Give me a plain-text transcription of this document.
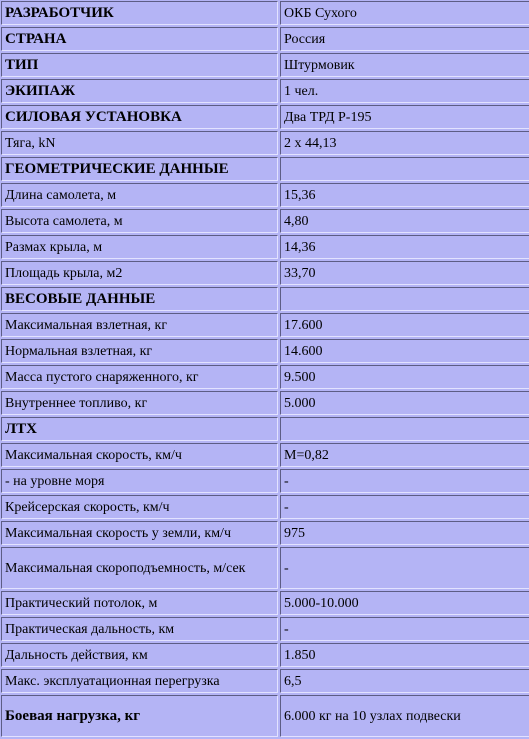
РАЗРАБОТЧИК	ОКБ Сухого
СТРАНА	Россия
ТИП	Штурмовик
ЭКИПАЖ	1 чел.
СИЛОВАЯ УСТАНОВКА	Два ТРД Р-195
Тяга, kN	2 х 44,13
ГЕОМЕТРИЧЕСКИЕ ДАННЫЕ	
Длина самолета, м	15,36
Высота самолета, м	4,80
Размах крыла, м	14,36
Площадь крыла, м2	33,70
ВЕСОВЫЕ ДАННЫЕ	
Максимальная взлетная, кг	17.600
Нормальная взлетная, кг	14.600
Масса пустого снаряженного, кг	9.500
Внутреннее топливо, кг	5.000
ЛТХ	
Максимальная скорость, км/ч	М=0,82
- на уровне моря	-
Крейсерская скорость, км/ч	-
Максимальная скорость у земли, км/ч	975
Максимальная скороподъемность, м/сек	-
Практический потолок, м	5.000-10.000
Практическая дальность, км	-
Дальность действия, км	1.850
Макс. эксплуатационная перегрузка	6,5
Боевая нагрузка, кг	6.000 кг на 10 узлах подвески
